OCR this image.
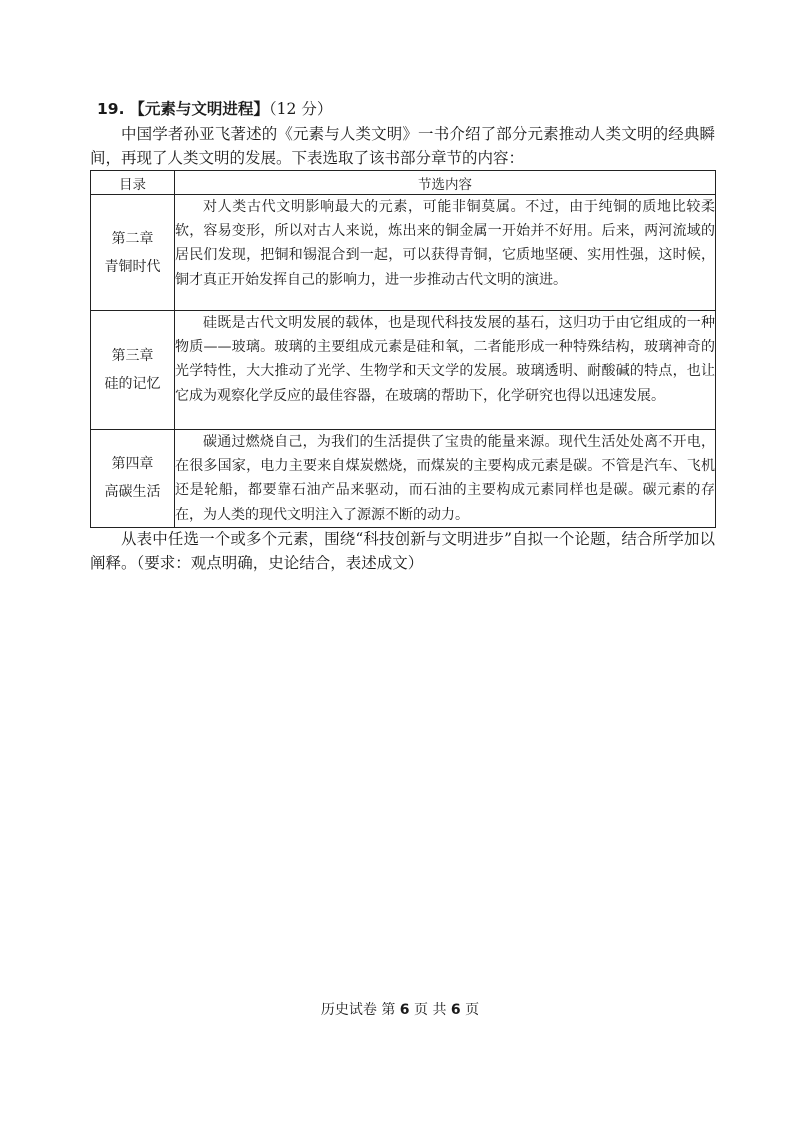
19. 【元素与文明进程】（12 分）
中国学者孙亚飞著述的《元素与人类文明》一书介绍了部分元素推动人类文明的经典瞬间，再现了人类文明的发展。下表选取了该书部分章节的内容：
目录	节选内容

第二章
青铜时代	对人类古代文明影响最大的元素，可能非铜莫属。不过，由于纯铜的质地比较柔软，容易变形，所以对古人来说，炼出来的铜金属一开始并不好用。后来，两河流域的居民们发现，把铜和锡混合到一起，可以获得青铜，它质地坚硬、实用性强，这时候，铜才真正开始发挥自己的影响力，进一步推动古代文明的演进。

第三章
硅的记忆	硅既是古代文明发展的载体，也是现代科技发展的基石，这归功于由它组成的一种物质——玻璃。玻璃的主要组成元素是硅和氧，二者能形成一种特殊结构，玻璃神奇的光学特性，大大推动了光学、生物学和天文学的发展。玻璃透明、耐酸碱的特点，也让它成为观察化学反应的最佳容器，在玻璃的帮助下，化学研究也得以迅速发展。

第四章
高碳生活	碳通过燃烧自己，为我们的生活提供了宝贵的能量来源。现代生活处处离不开电，在很多国家，电力主要来自煤炭燃烧，而煤炭的主要构成元素是碳。不管是汽车、飞机还是轮船，都要靠石油产品来驱动，而石油的主要构成元素同样也是碳。碳元素的存在，为人类的现代文明注入了源源不断的动力。
从表中任选一个或多个元素，围绕“科技创新与文明进步”自拟一个论题，结合所学加以阐释。（要求：观点明确，史论结合，表述成文）
历史试卷 第 6 页 共 6 页
